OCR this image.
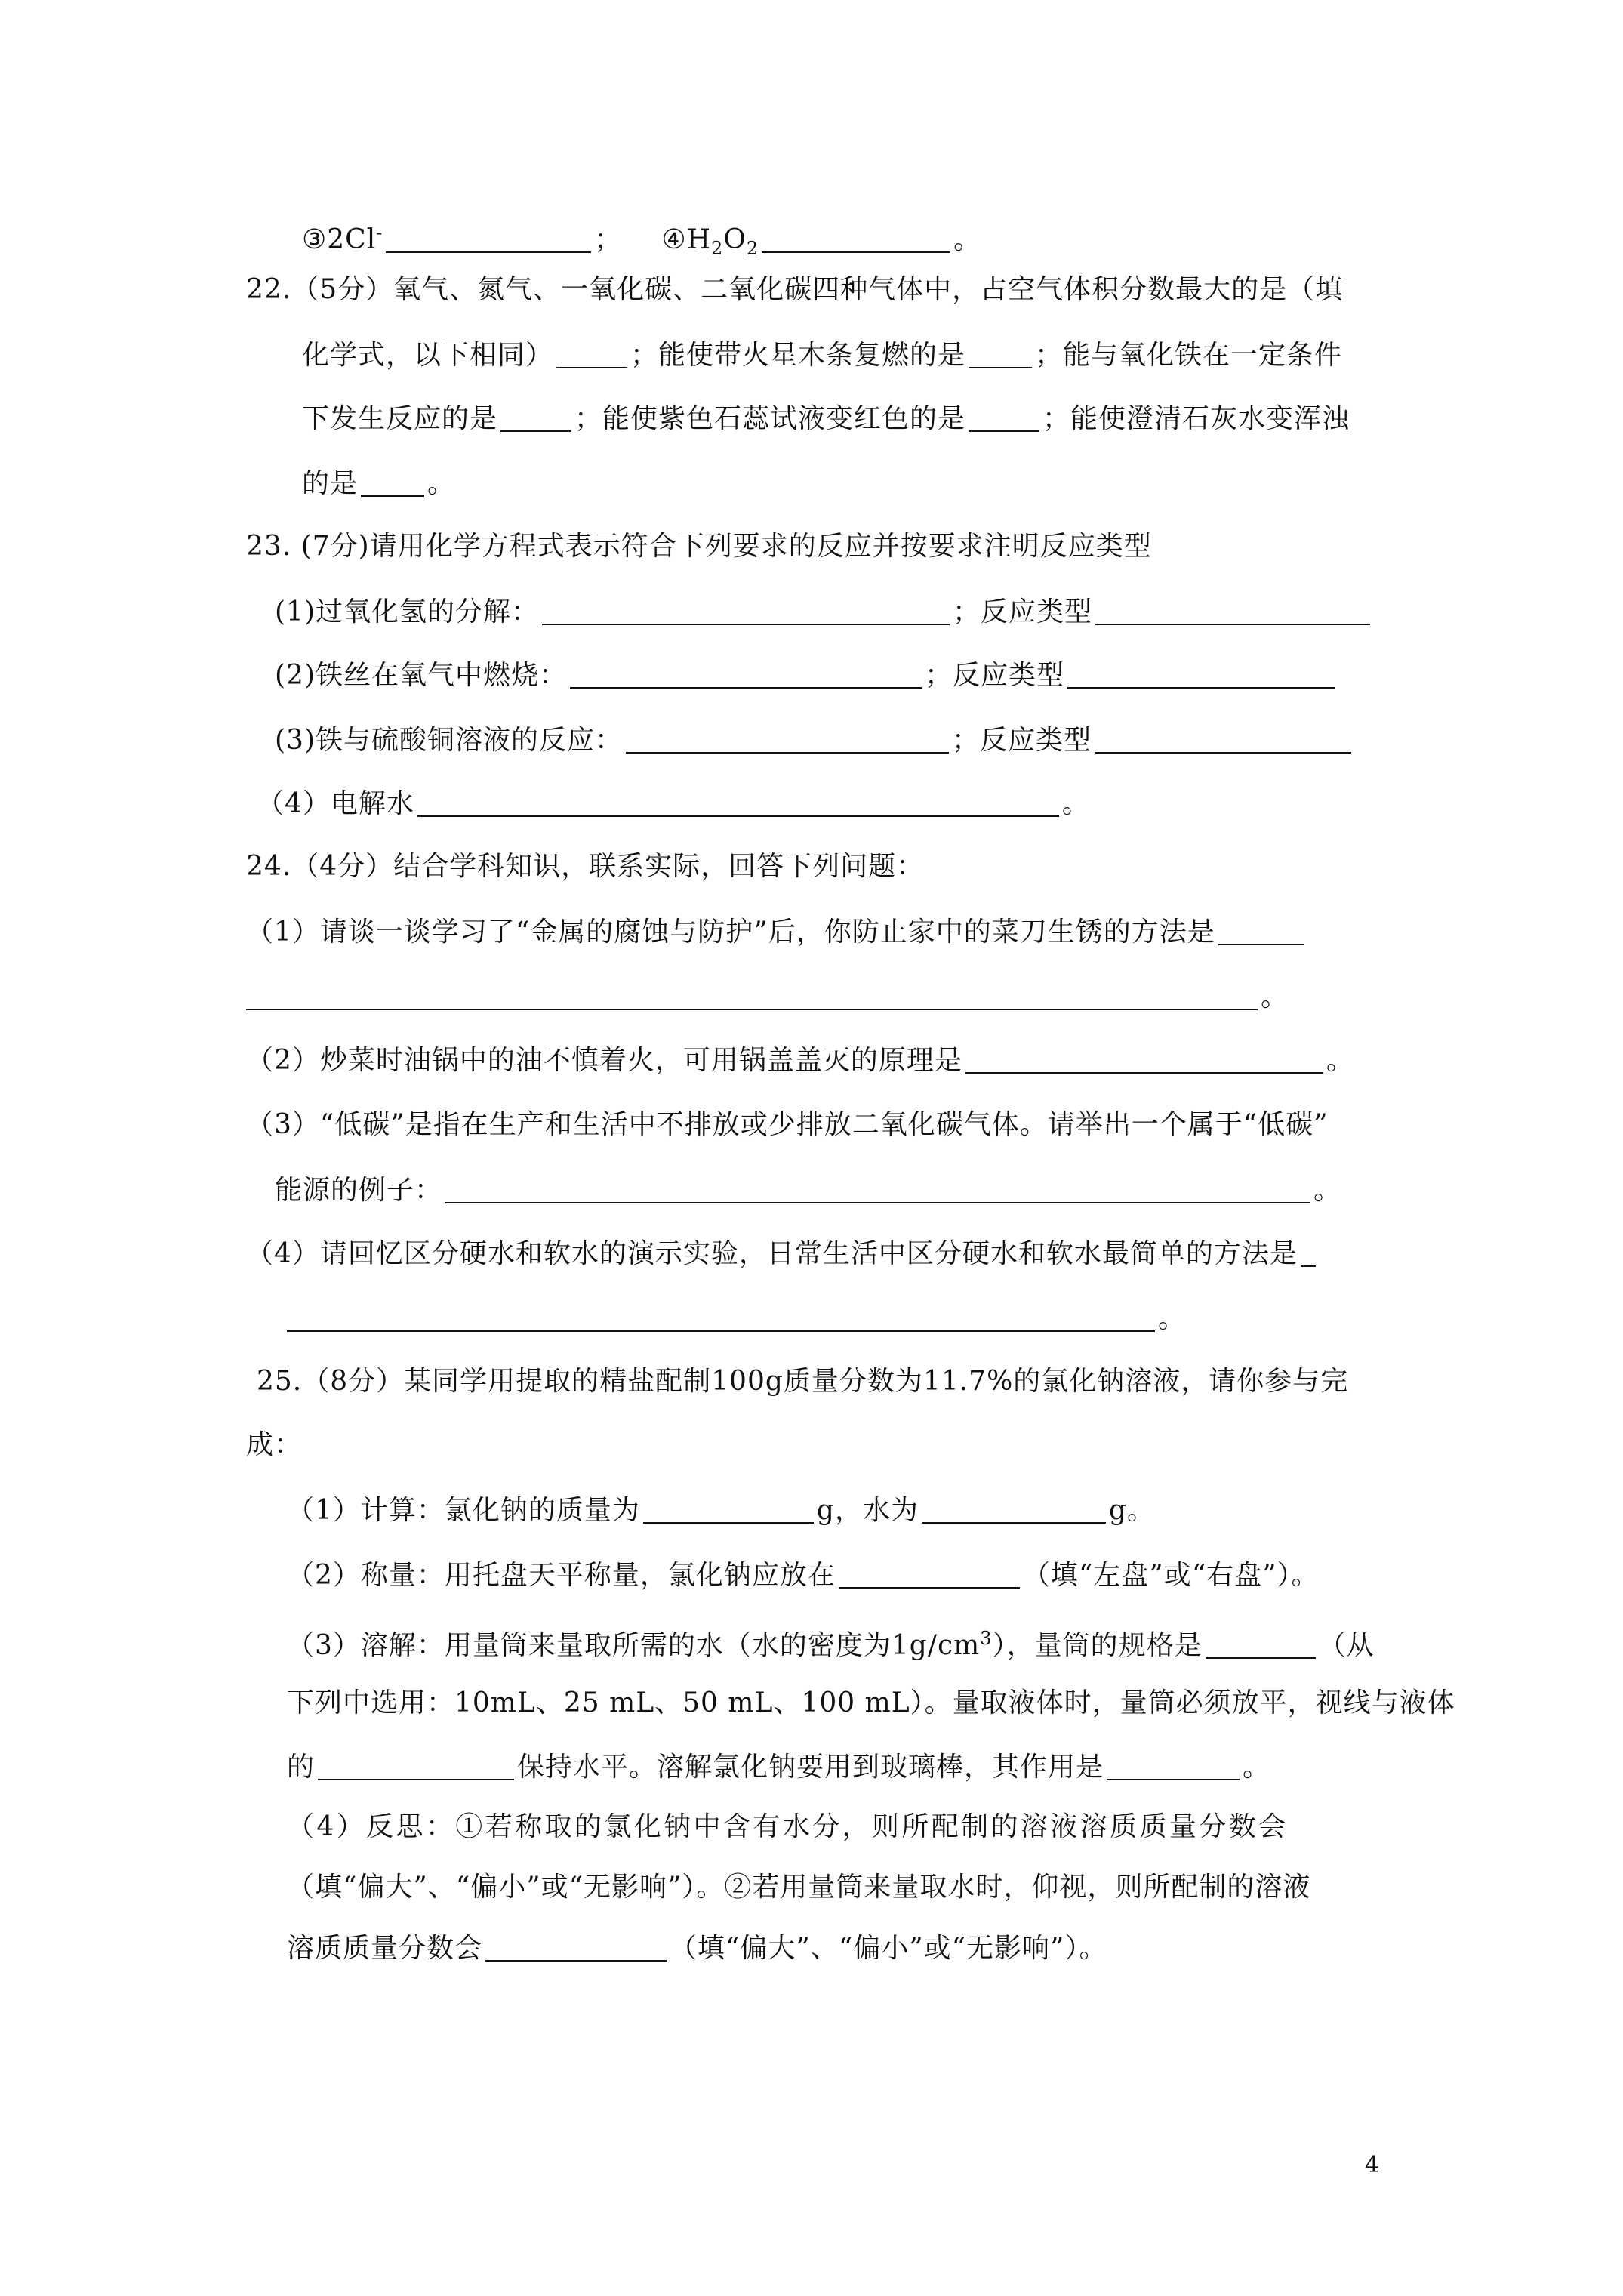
③2Cl-	； $④H_2O_2$	。
22.（5分）氧气、氮气、一氧化碳、二氧化碳四种气体中，占空气体积分数最大的是（填
化学式，以下相同）	；能使带火星木条复燃的是	；能与氧化铁在一定条件
下发生反应的是	；能使紫色石蕊试液变红色的是	；能使澄清石灰水变浑浊
的是	。
23. (7分)请用化学方程式表示符合下列要求的反应并按要求注明反应类型
(1)过氧化氢的分解：	；反应类型
(2)铁丝在氧气中燃烧：	；反应类型
(3)铁与硫酸铜溶液的反应：	；反应类型
（4）电解水	。
24.（4分）结合学科知识，联系实际，回答下列问题：
（1）请谈一谈学习了“金属的腐蚀与防护”后，你防止家中的菜刀生锈的方法是
。
（2）炒菜时油锅中的油不慎着火，可用锅盖盖灭的原理是	。
（3）“低碳”是指在生产和生活中不排放或少排放二氧化碳气体。请举出一个属于“低碳”
能源的例子：	。
（4）请回忆区分硬水和软水的演示实验，日常生活中区分硬水和软水最简单的方法是
。
25.（8分）某同学用提取的精盐配制100g质量分数为11.7%的氯化钠溶液，请你参与完
成：
（1）计算：氯化钠的质量为	g，水为	g。
（2）称量：用托盘天平称量，氯化钠应放在	（填“左盘”或“右盘”）。
（3）溶解：用量筒来量取所需的水（水的密度为$1g/cm^3$），量筒的规格是	（从
下列中选用：10mL、25 mL、50 mL、100 mL）。量取液体时，量筒必须放平，视线与液体
的	保持水平。溶解氯化钠要用到玻璃棒，其作用是	。
（4）反思：①若称取的氯化钠中含有水分，则所配制的溶液溶质质量分数会
（填“偏大”、“偏小”或“无影响”）。②若用量筒来量取水时，仰视，则所配制的溶液
溶质质量分数会	（填“偏大”、“偏小”或“无影响”）。
4
